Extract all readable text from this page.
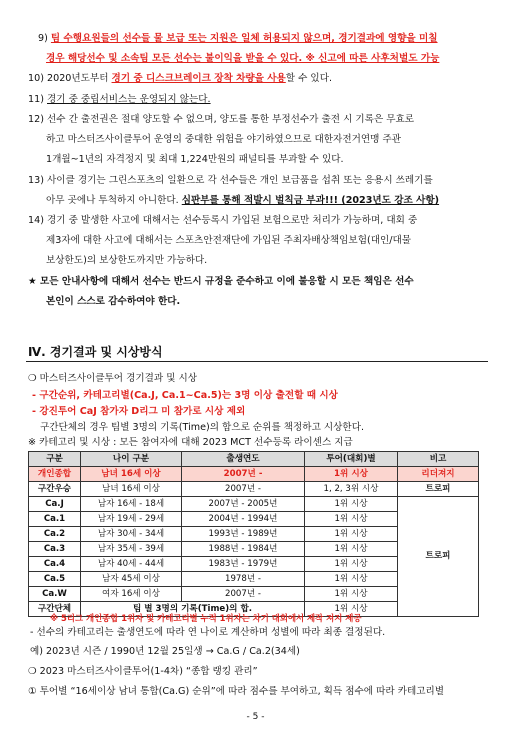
9) 팀 수행요원들의 선수들 물 보급 또는 지원은 일체 허용되지 않으며, 경기결과에 영향을 미칠
경우 해당선수 및 소속팀 모든 선수는 불이익을 받을 수 있다. ※ 신고에 따른 사후처벌도 가능
10) 2020년도부터 경기 중 디스크브레이크 장착 차량을 사용할 수 있다.
11) 경기 중 중립서비스는 운영되지 않는다.
12) 선수 간 출전권은 절대 양도할 수 없으며, 양도를 통한 부정선수가 출전 시 기록은 무효로
하고 마스터즈사이클투어 운영의 중대한 위험을 야기하였으므로 대한자전거연맹 주관
1개월~1년의 자격정지 및 최대 1,224만원의 패널티를 부과할 수 있다.
13) 사이클 경기는 그린스포츠의 일환으로 각 선수들은 개인 보급품을 섭취 또는 응용시 쓰레기를
아무 곳에나 투척하지 아니한다. 심판부를 통해 적발시 벌칙금 부과!!! (2023년도 강조 사항)
14) 경기 중 발생한 사고에 대해서는 선수등록시 가입된 보험으로만 처리가 가능하며, 대회 중
제3자에 대한 사고에 대해서는 스포츠안전재단에 가입된 주최자배상책임보험(대인/대물
보상한도)의 보상한도까지만 가능하다.
★ 모든 안내사항에 대해서 선수는 반드시 규정을 준수하고 이에 불응할 시 모든 책임은 선수
본인이 스스로 감수하여야 한다.
Ⅳ. 경기결과 및 시상방식
❍ 마스터즈사이클투어 경기결과 및 시상
- 구간순위, 카테고리별(Ca.J, Ca.1~Ca.5)는 3명 이상 출전할 때 시상
- 강진투어 CaJ 참가자 D리그 미 참가로 시상 제외
구간단체의 경우 팀별 3명의 기록(Time)의 합으로 순위를 책정하고 시상한다.
※ 카테고리 및 시상 : 모든 참여자에 대해 2023 MCT 선수등록 라이센스 지급
구분	나이 구분	출생연도	투어(대회)별	비고
개인종합	남녀 16세 이상	2007년 -	1위 시상	리더져지
구간우승	남녀 16세 이상	2007년 -	1, 2, 3위 시상	트로피
Ca.J	남자 16세 - 18세	2007년 - 2005년	1위 시상	트로피
Ca.1	남자 19세 - 29세	2004년 - 1994년	1위 시상	
Ca.2	남자 30세 - 34세	1993년 - 1989년	1위 시상	
Ca.3	남자 35세 - 39세	1988년 - 1984년	1위 시상	
Ca.4	남자 40세 - 44세	1983년 - 1979년	1위 시상	
Ca.5	남자 45세 이상	1978년 -	1위 시상	
Ca.W	여자 16세 이상	2007년 -	1위 시상	
구간단체	팀 별 3명의 기록(Time)의 합.		1위 시상	
※ 5리그 개인종합 1위자 및 카테고리별 누적 1위자는 차기 대회에서 제작 져지 제공
- 선수의 카테고리는 출생연도에 따라 연 나이로 계산하며 성별에 따라 최종 결정된다.
예) 2023년 시즌 / 1990년 12월 25일생 → Ca.G / Ca.2(34세)
❍ 2023 마스터즈사이클투어(1-4차) “종합 랭킹 관리”
① 투어별 “16세이상 남녀 통합(Ca.G) 순위”에 따라 점수를 부여하고, 획득 점수에 따라 카테고리별
- 5 -
